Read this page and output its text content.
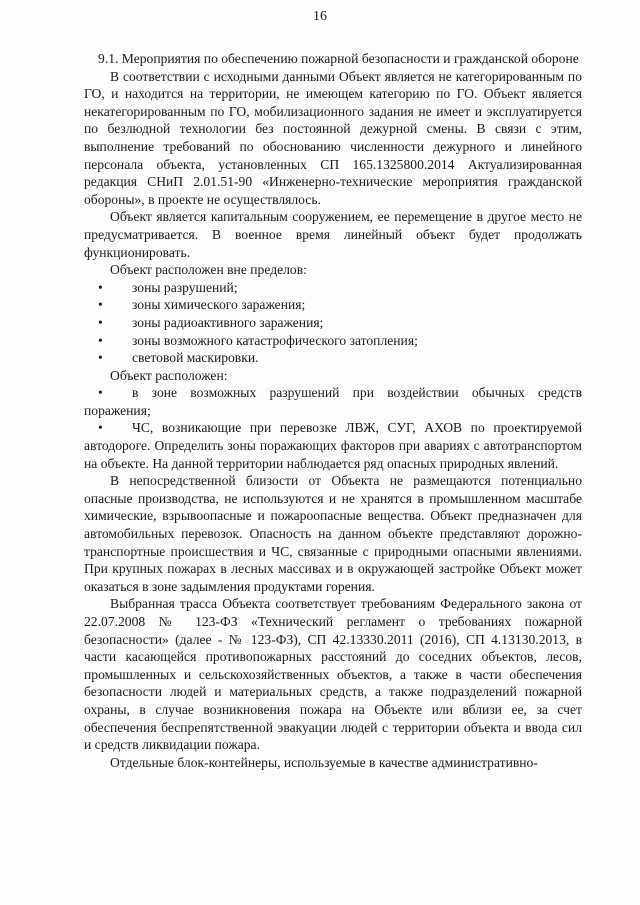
16

9.1. Мероприятия по обеспечению пожарной безопасности и гражданской обороне

В соответствии с исходными данными Объект является не категорированным по ГО, и находится на территории, не имеющем категорию по ГО. Объект является некатегорированным по ГО, мобилизационного задания не имеет и эксплуатируется по безлюдной технологии без постоянной дежурной смены. В связи с этим, выполнение требований по обоснованию численности дежурного и линейного персонала объекта, установленных СП 165.1325800.2014 Актуализированная редакция СНиП 2.01.51-90 «Инженерно-технические мероприятия гражданской обороны», в проекте не осуществлялось.

Объект является капитальным сооружением, ее перемещение в другое место не предусматривается. В военное время линейный объект будет продолжать функционировать.

Объект расположен вне пределов:

• зоны разрушений;
• зоны химического заражения;
• зоны радиоактивного заражения;
• зоны возможного катастрофического затопления;
• световой маскировки.

Объект расположен:

• в зоне возможных разрушений при воздействии обычных средств поражения;
• ЧС, возникающие при перевозке ЛВЖ, СУГ, АХОВ по проектируемой автодороге. Определить зоны поражающих факторов при авариях с автотранспортом на объекте. На данной территории наблюдается ряд опасных природных явлений.

В непосредственной близости от Объекта не размещаются потенциально опасные производства, не используются и не хранятся в промышленном масштабе химические, взрывоопасные и пожароопасные вещества. Объект предназначен для автомобильных перевозок. Опасность на данном объекте представляют дорожно-транспортные происшествия и ЧС, связанные с природными опасными явлениями. При крупных пожарах в лесных массивах и в окружающей застройке Объект может оказаться в зоне задымления продуктами горения.

Выбранная трасса Объекта соответствует требованиям Федерального закона от 22.07.2008 № 123-ФЗ «Технический регламент о требованиях пожарной безопасности» (далее - № 123-ФЗ), СП 42.13330.2011 (2016), СП 4.13130.2013, в части касающейся противопожарных расстояний до соседних объектов, лесов, промышленных и сельскохозяйственных объектов, а также в части обеспечения безопасности людей и материальных средств, а также подразделений пожарной охраны, в случае возникновения пожара на Объекте или вблизи ее, за счет обеспечения беспрепятственной эвакуации людей с территории объекта и ввода сил и средств ликвидации пожара.

Отдельные блок-контейнеры, используемые в качестве административно-
